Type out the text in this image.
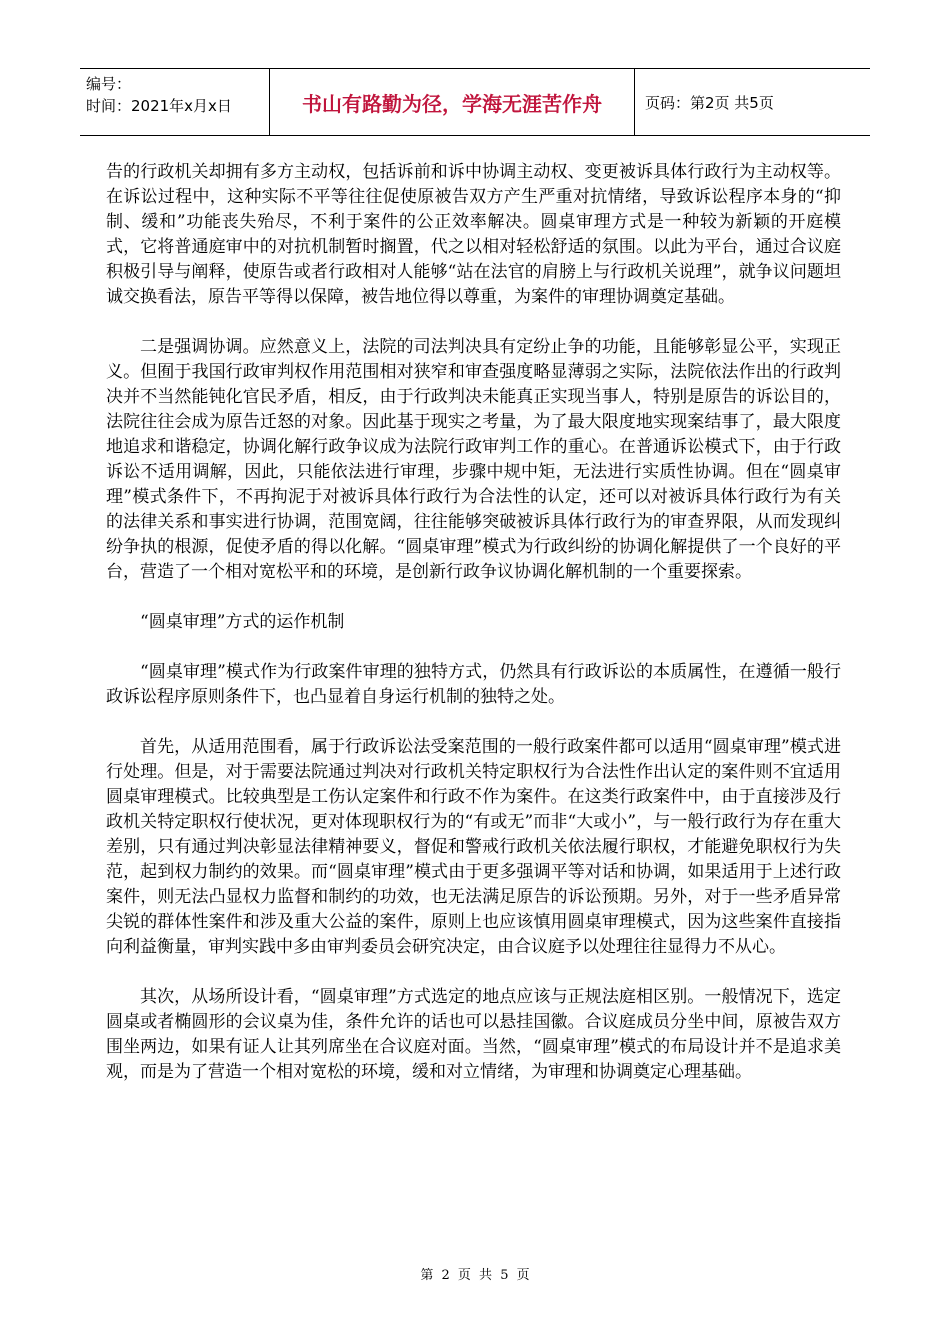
编号：
时间：2021年x月x日	书山有路勤为径，学海无涯苦作舟	页码：第2页 共5页

告的行政机关却拥有多方主动权，包括诉前和诉中协调主动权、变更被诉具体行政行为主动权等。在诉讼过程中，这种实际不平等往往促使原被告双方产生严重对抗情绪，导致诉讼程序本身的“抑制、缓和”功能丧失殆尽，不利于案件的公正效率解决。圆桌审理方式是一种较为新颖的开庭模式，它将普通庭审中的对抗机制暂时搁置，代之以相对轻松舒适的氛围。以此为平台，通过合议庭积极引导与阐释，使原告或者行政相对人能够“站在法官的肩膀上与行政机关说理”，就争议问题坦诚交换看法，原告平等得以保障，被告地位得以尊重，为案件的审理协调奠定基础。

二是强调协调。应然意义上，法院的司法判决具有定纷止争的功能，且能够彰显公平，实现正义。但囿于我国行政审判权作用范围相对狭窄和审查强度略显薄弱之实际，法院依法作出的行政判决并不当然能钝化官民矛盾，相反，由于行政判决未能真正实现当事人，特别是原告的诉讼目的，法院往往会成为原告迁怒的对象。因此基于现实之考量，为了最大限度地实现案结事了，最大限度地追求和谐稳定，协调化解行政争议成为法院行政审判工作的重心。在普通诉讼模式下，由于行政诉讼不适用调解，因此，只能依法进行审理，步骤中规中矩，无法进行实质性协调。但在“圆桌审理”模式条件下，不再拘泥于对被诉具体行政行为合法性的认定，还可以对被诉具体行政行为有关的法律关系和事实进行协调，范围宽阔，往往能够突破被诉具体行政行为的审查界限，从而发现纠纷争执的根源，促使矛盾的得以化解。“圆桌审理”模式为行政纠纷的协调化解提供了一个良好的平台，营造了一个相对宽松平和的环境，是创新行政争议协调化解机制的一个重要探索。

“圆桌审理”方式的运作机制

“圆桌审理”模式作为行政案件审理的独特方式，仍然具有行政诉讼的本质属性，在遵循一般行政诉讼程序原则条件下，也凸显着自身运行机制的独特之处。

首先，从适用范围看，属于行政诉讼法受案范围的一般行政案件都可以适用“圆桌审理”模式进行处理。但是，对于需要法院通过判决对行政机关特定职权行为合法性作出认定的案件则不宜适用圆桌审理模式。比较典型是工伤认定案件和行政不作为案件。在这类行政案件中，由于直接涉及行政机关特定职权行使状况，更对体现职权行为的“有或无”而非“大或小”，与一般行政行为存在重大差别，只有通过判决彰显法律精神要义，督促和警戒行政机关依法履行职权，才能避免职权行为失范，起到权力制约的效果。而“圆桌审理”模式由于更多强调平等对话和协调，如果适用于上述行政案件，则无法凸显权力监督和制约的功效，也无法满足原告的诉讼预期。另外，对于一些矛盾异常尖锐的群体性案件和涉及重大公益的案件，原则上也应该慎用圆桌审理模式，因为这些案件直接指向利益衡量，审判实践中多由审判委员会研究决定，由合议庭予以处理往往显得力不从心。

其次，从场所设计看，“圆桌审理”方式选定的地点应该与正规法庭相区别。一般情况下，选定圆桌或者椭圆形的会议桌为佳，条件允许的话也可以悬挂国徽。合议庭成员分坐中间，原被告双方围坐两边，如果有证人让其列席坐在合议庭对面。当然，“圆桌审理”模式的布局设计并不是追求美观，而是为了营造一个相对宽松的环境，缓和对立情绪，为审理和协调奠定心理基础。

第 2 页 共 5 页
